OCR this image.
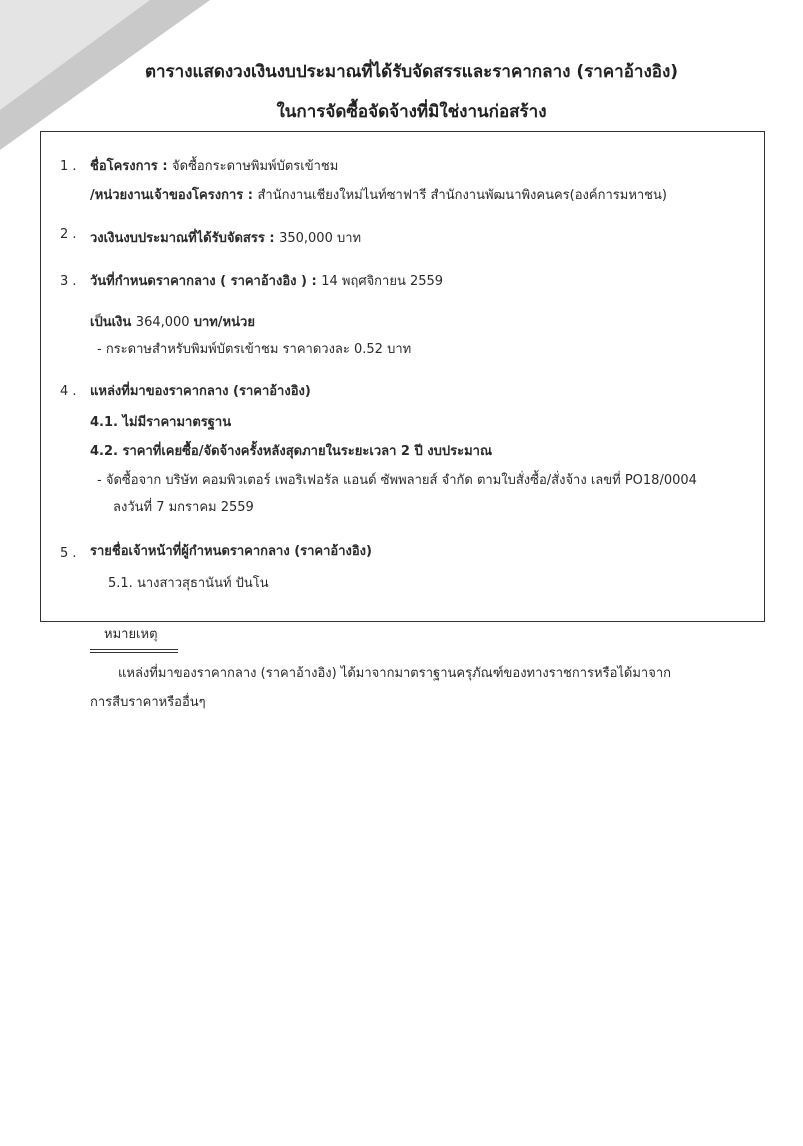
ตารางแสดงวงเงินงบประมาณที่ได้รับจัดสรรและราคากลาง (ราคาอ้างอิง)
ในการจัดซื้อจัดจ้างที่มิใช่งานก่อสร้าง
1 . ชื่อโครงการ : จัดซื้อกระดาษพิมพ์บัตรเข้าชม
/หน่วยงานเจ้าของโครงการ : สำนักงานเชียงใหม่ไนท์ซาฟารี สำนักงานพัฒนาพิงคนคร(องค์การมหาชน)
2 . วงเงินงบประมาณที่ได้รับจัดสรร : 350,000 บาท
3 . วันที่กำหนดราคากลาง ( ราคาอ้างอิง ) : 14 พฤศจิกายน 2559
เป็นเงิน 364,000 บาท/หน่วย
- กระดาษสำหรับพิมพ์บัตรเข้าชม ราคาดวงละ 0.52 บาท
4 . แหล่งที่มาของราคากลาง (ราคาอ้างอิง)
4.1. ไม่มีราคามาตรฐาน
4.2. ราคาที่เคยซื้อ/จัดจ้างครั้งหลังสุดภายในระยะเวลา 2 ปี งบประมาณ
- จัดซื้อจาก บริษัท คอมพิวเตอร์ เพอริเฟอรัล แอนด์ ซัพพลายส์ จำกัด ตามใบสั่งซื้อ/สั่งจ้าง เลขที่ PO18/0004
ลงวันที่ 7 มกราคม 2559
5 . รายชื่อเจ้าหน้าที่ผู้กำหนดราคากลาง (ราคาอ้างอิง)
5.1. นางสาวสุธานันท์ ปันโน
หมายเหตุ
แหล่งที่มาของราคากลาง (ราคาอ้างอิง) ได้มาจากมาตราฐานครุภัณฑ์ของทางราชการหรือได้มาจาก
การสืบราคาหรืออื่นๆ
